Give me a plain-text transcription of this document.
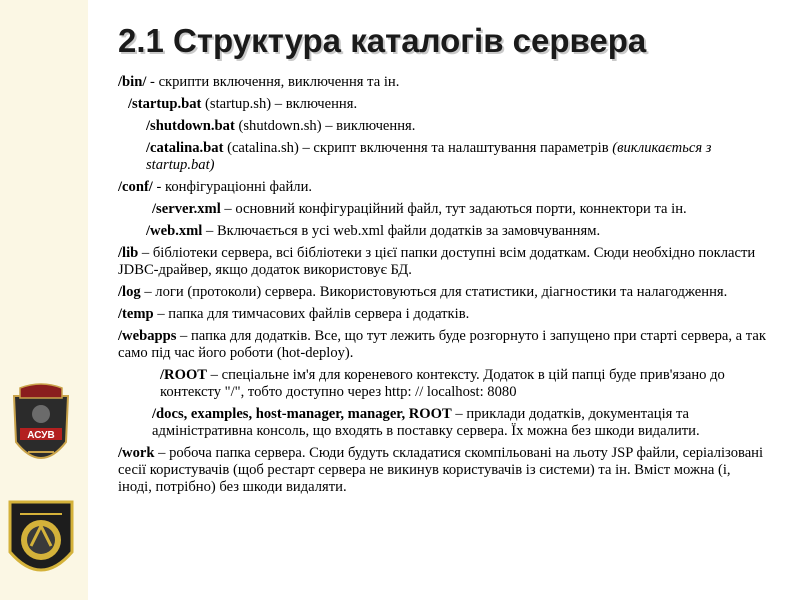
АСУВ
2.1 Структура каталогів сервера

/bin/ - скрипти включення, виключення та ін.

/startup.bat (startup.sh) – включення.

/shutdown.bat (shutdown.sh) – виключення.

/catalina.bat (catalina.sh) – скрипт включення та налаштування параметрів (викликається з startup.bat)

/conf/ - конфігураціонні файли.

/server.xml – основний конфігураційний файл, тут задаються порти, коннектори та ін.

/web.xml – Включається в усі web.xml файли додатків за замовчуванням.

/lib – бібліотеки сервера, всі бібліотеки з цієї папки доступні всім додаткам. Сюди необхідно покласти JDBC-драйвер, якщо додаток використовує БД.

/log – логи (протоколи) сервера. Використовуються для статистики, діагностики та налагодження.

/temp – папка для тимчасових файлів сервера і додатків.

/webapps – папка для додатків. Все, що тут лежить буде розгорнуто і запущено при старті сервера, а так само під час його роботи (hot-deploy).

/ROOT – спеціальне ім'я для кореневого контексту. Додаток в цій папці буде прив'язано до контексту "/", тобто доступно через http: // localhost: 8080

/docs, examples, host-manager, manager, ROOT – приклади додатків, документація та адміністративна консоль, що входять в поставку сервера. Їх можна без шкоди видалити.

/work – робоча папка сервера. Сюди будуть складатися скомпільовані на льоту JSP файли, серіалізовані сесії користувачів (щоб рестарт сервера не викинув користувачів із системи) та ін. Вміст можна (і, іноді, потрібно) без шкоди видаляти.
